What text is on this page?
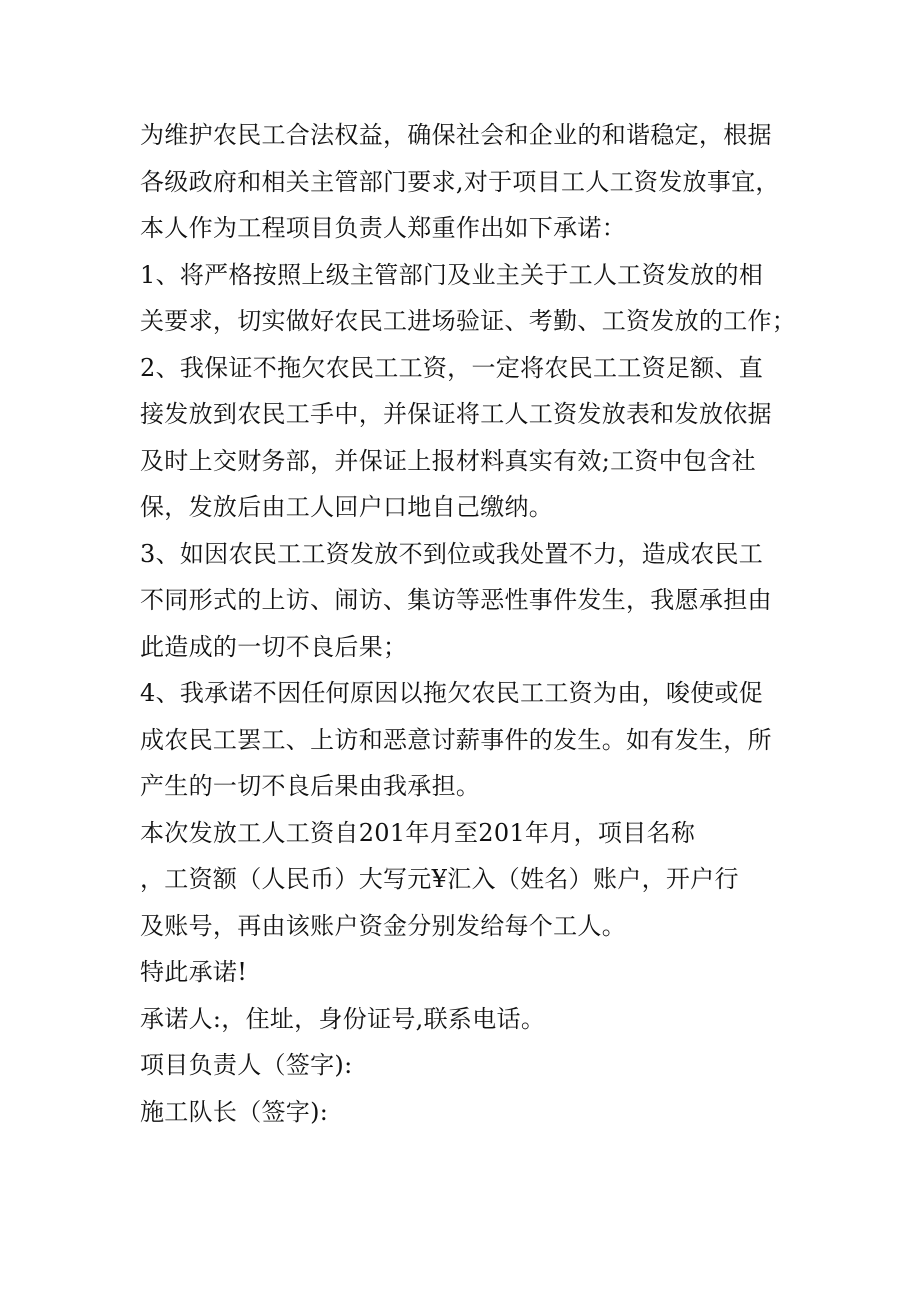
为维护农民工合法权益，确保社会和企业的和谐稳定，根据
各级政府和相关主管部门要求,对于项目工人工资发放事宜，
本人作为工程项目负责人郑重作出如下承诺：
1、将严格按照上级主管部门及业主关于工人工资发放的相
关要求，切实做好农民工进场验证、考勤、工资发放的工作；
2、我保证不拖欠农民工工资，一定将农民工工资足额、直
接发放到农民工手中，并保证将工人工资发放表和发放依据
及时上交财务部，并保证上报材料真实有效;工资中包含社
保，发放后由工人回户口地自己缴纳。
3、如因农民工工资发放不到位或我处置不力，造成农民工
不同形式的上访、闹访、集访等恶性事件发生，我愿承担由
此造成的一切不良后果；
4、我承诺不因任何原因以拖欠农民工工资为由，唆使或促
成农民工罢工、上访和恶意讨薪事件的发生。如有发生，所
产生的一切不良后果由我承担。
本次发放工人工资自201年月至201年月，项目名称
，工资额（人民币）大写元¥汇入（姓名）账户，开户行
及账号，再由该账户资金分别发给每个工人。
特此承诺!
承诺人:，住址，身份证号,联系电话。
项目负责人（签字):
施工队长（签字):
